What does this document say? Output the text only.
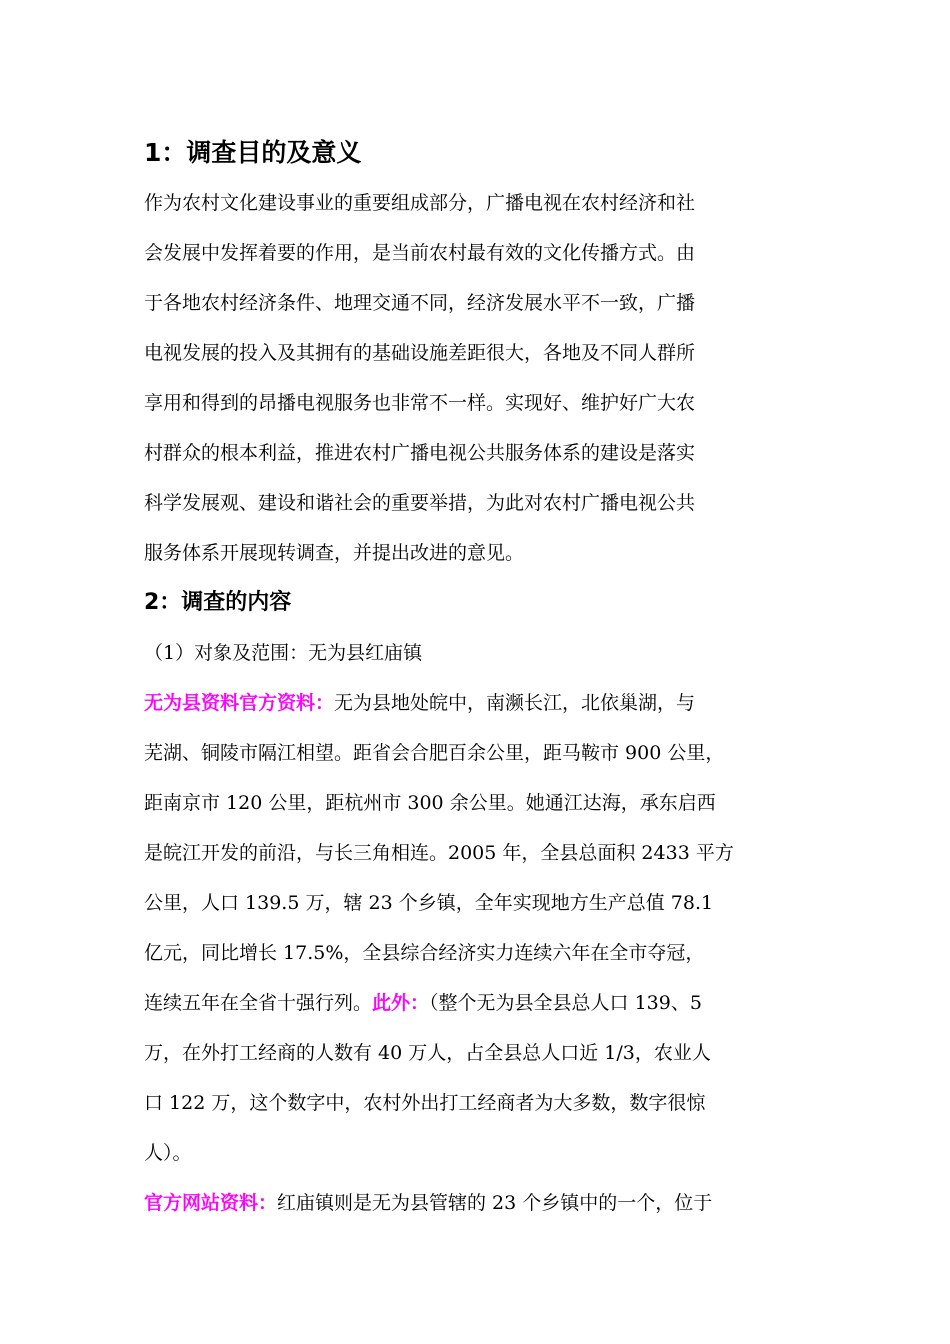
1：调查目的及意义

作为农村文化建设事业的重要组成部分，广播电视在农村经济和社

会发展中发挥着要的作用，是当前农村最有效的文化传播方式。由

于各地农村经济条件、地理交通不同，经济发展水平不一致，广播

电视发展的投入及其拥有的基础设施差距很大，各地及不同人群所

享用和得到的昂播电视服务也非常不一样。实现好、维护好广大农

村群众的根本利益，推进农村广播电视公共服务体系的建设是落实

科学发展观、建设和谐社会的重要举措，为此对农村广播电视公共

服务体系开展现转调查，并提出改进的意见。

2：调查的内容

（1）对象及范围：无为县红庙镇

无为县资料官方资料：无为县地处皖中，南濒长江，北依巢湖，与

芜湖、铜陵市隔江相望。距省会合肥百余公里，距马鞍市 900 公里，

距南京市 120 公里，距杭州市 300 余公里。她通江达海，承东启西

是皖江开发的前沿，与长三角相连。2005 年，全县总面积 2433 平方

公里，人口 139.5 万，辖 23 个乡镇，全年实现地方生产总值 78.1

亿元，同比增长 17.5%，全县综合经济实力连续六年在全市夺冠，

连续五年在全省十强行列。此外：（整个无为县全县总人口 139、5

万，在外打工经商的人数有 40 万人，占全县总人口近 1/3，农业人

口 122 万，这个数字中，农村外出打工经商者为大多数，数字很惊

人）。

官方网站资料：红庙镇则是无为县管辖的 23 个乡镇中的一个，位于
